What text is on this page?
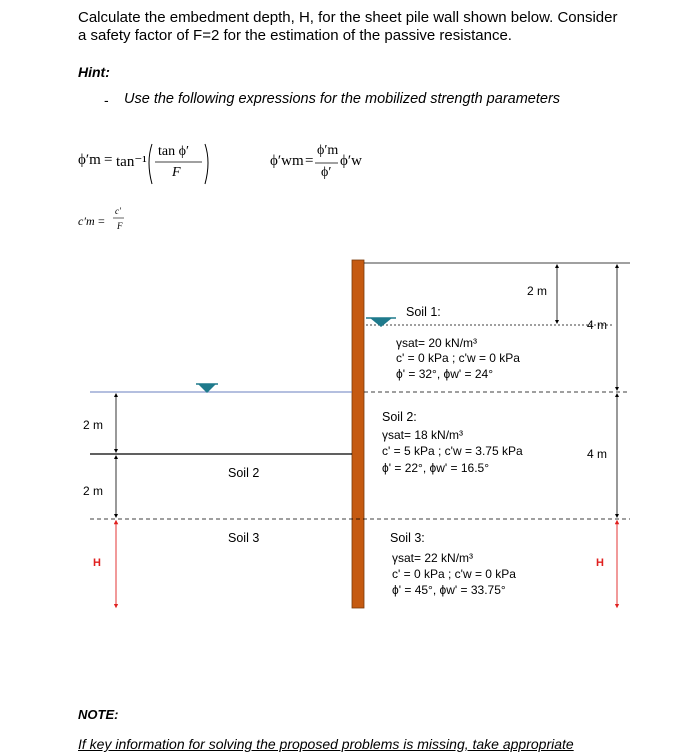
Calculate the embedment depth, H, for the sheet pile wall shown below. Consider
a safety factor of F=2 for the estimation of the passive resistance.
Hint:
- Use the following expressions for the mobilized strength parameters
ϕ′m = tan⁻¹
tan ϕ′
F
ϕ′wm =
ϕ′m
ϕ′
ϕ′w
c′m =
c′
F
2 m
4 m
4 m
2 m
2 m
H	H
Soil 2
Soil 3
Soil 1:
γsat= 20 kN/m³
c' = 0 kPa ; c'w = 0 kPa
ϕ' = 32°, ϕw' = 24°
Soil 2:
γsat= 18 kN/m³
c' = 5 kPa ; c'w = 3.75 kPa
ϕ' = 22°, ϕw' = 16.5°
Soil 3:
γsat= 22 kN/m³
c' = 0 kPa ; c'w = 0 kPa
ϕ' = 45°, ϕw' = 33.75°
NOTE:
If key information for solving the proposed problems is missing, take appropriate
